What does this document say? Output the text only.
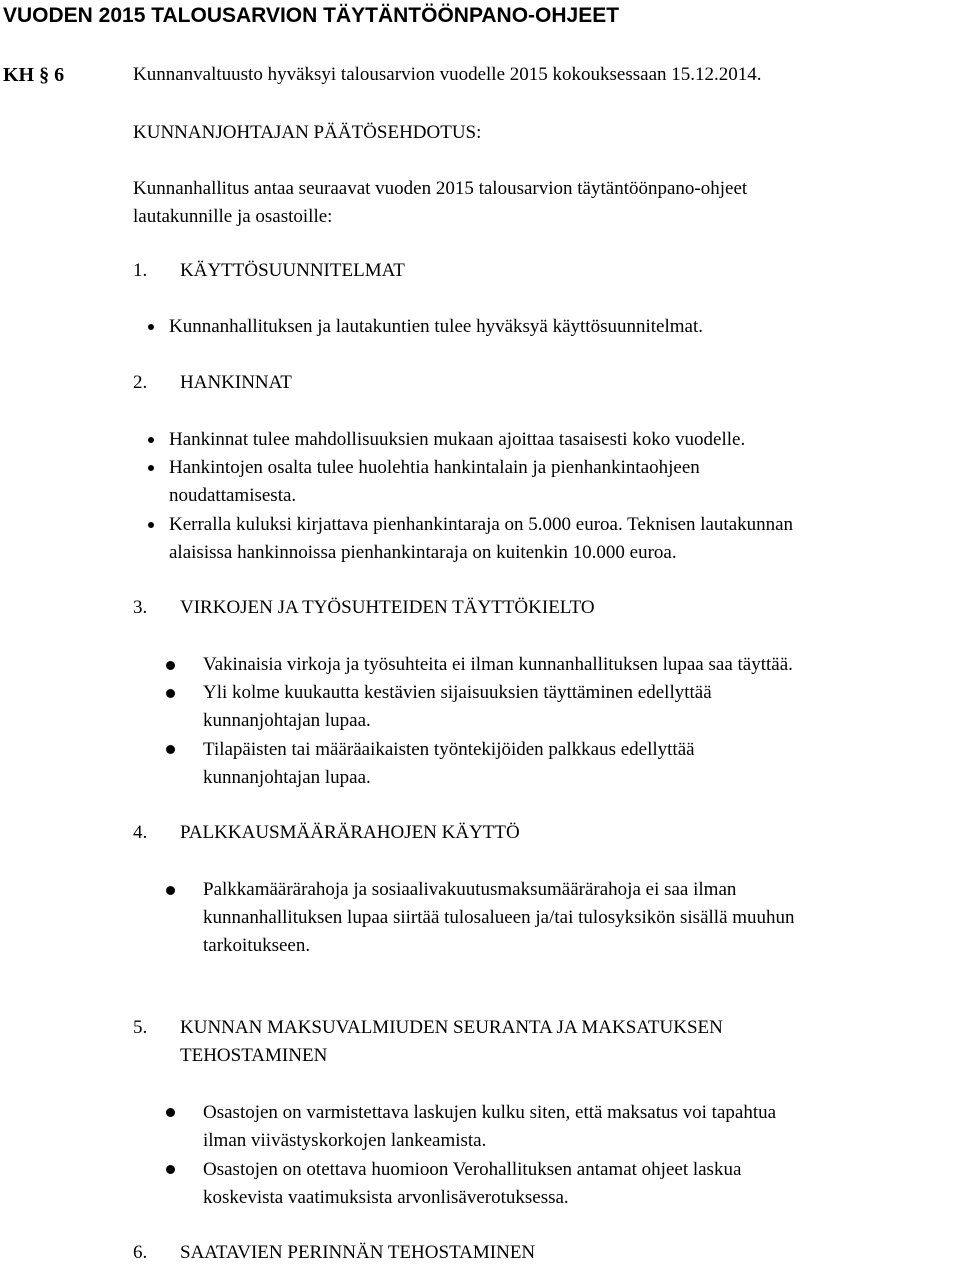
VUODEN 2015 TALOUSARVION TÄYTÄNTÖÖNPANO-OHJEET
KH § 6	Kunnanvaltuusto hyväksyi talousarvion vuodelle 2015 kokouksessaan 15.12.2014.
KUNNANJOHTAJAN PÄÄTÖSEHDOTUS:
Kunnanhallitus antaa seuraavat vuoden 2015 talousarvion täytäntöönpano-ohjeet
lautakunnille ja osastoille:
1. KÄYTTÖSUUNNITELMAT
Kunnanhallituksen ja lautakuntien tulee hyväksyä käyttösuunnitelmat.
2. HANKINNAT
Hankinnat tulee mahdollisuuksien mukaan ajoittaa tasaisesti koko vuodelle.
Hankintojen osalta tulee huolehtia hankintalain ja pienhankintaohjeen
noudattamisesta.
Kerralla kuluksi kirjattava pienhankintaraja on 5.000 euroa. Teknisen lautakunnan
alaisissa hankinnoissa pienhankintaraja on kuitenkin 10.000 euroa.
3. VIRKOJEN JA TYÖSUHTEIDEN TÄYTTÖKIELTO
Vakinaisia virkoja ja työsuhteita ei ilman kunnanhallituksen lupaa saa täyttää.
Yli kolme kuukautta kestävien sijaisuuksien täyttäminen edellyttää
kunnanjohtajan lupaa.
Tilapäisten tai määräaikaisten työntekijöiden palkkaus edellyttää
kunnanjohtajan lupaa.
4. PALKKAUSMÄÄRÄRAHOJEN KÄYTTÖ
Palkkamäärärahoja ja sosiaalivakuutusmaksumäärärahoja ei saa ilman
kunnanhallituksen lupaa siirtää tulosalueen ja/tai tulosyksikön sisällä muuhun
tarkoitukseen.
5. KUNNAN MAKSUVALMIUDEN SEURANTA JA MAKSATUKSEN
TEHOSTAMINEN
Osastojen on varmistettava laskujen kulku siten, että maksatus voi tapahtua
ilman viivästyskorkojen lankeamista.
Osastojen on otettava huomioon Verohallituksen antamat ohjeet laskua
koskevista vaatimuksista arvonlisäverotuksessa.
6. SAATAVIEN PERINNÄN TEHOSTAMINEN
